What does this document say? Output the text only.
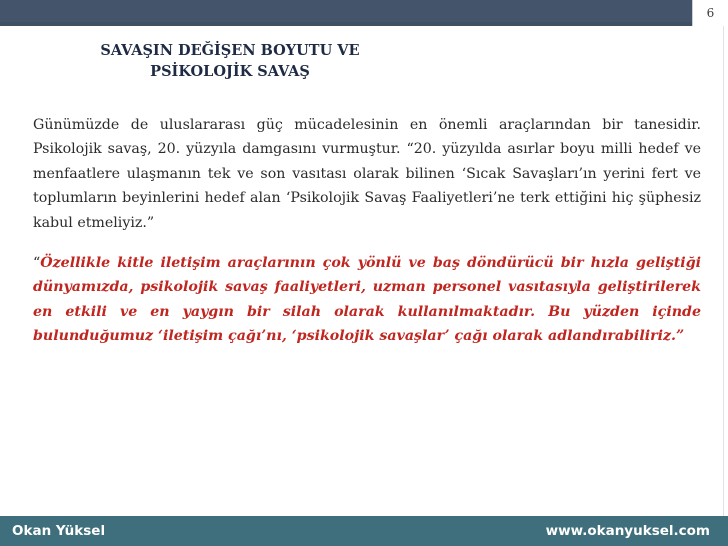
6
SAVAŞIN DEĞİŞEN BOYUTU VE
PSİKOLOJİK SAVAŞ
Günümüzde de uluslararası güç mücadelesinin en önemli araçlarından bir tanesidir. Psikolojik savaş, 20. yüzyıla damgasını vurmuştur. “20. yüzyılda asırlar boyu milli hedef ve menfaatlere ulaşmanın tek ve son vasıtası olarak bilinen ‘Sıcak Savaşları’ın yerini fert ve toplumların beyinlerini hedef alan ‘Psikolojik Savaş Faaliyetleri’ne terk ettiğini hiç şüphesiz kabul etmeliyiz.”
“Özellikle kitle iletişim araçlarının çok yönlü ve baş döndürücü bir hızla geliştiği dünyamızda, psikolojik savaş faaliyetleri, uzman personel vasıtasıyla geliştirilerek en etkili ve en yaygın bir silah olarak kullanılmaktadır. Bu yüzden içinde bulunduğumuz ‘iletişim çağı’nı, ‘psikolojik savaşlar’ çağı olarak adlandırabiliriz.”
Okan Yüksel	www.okanyuksel.com
